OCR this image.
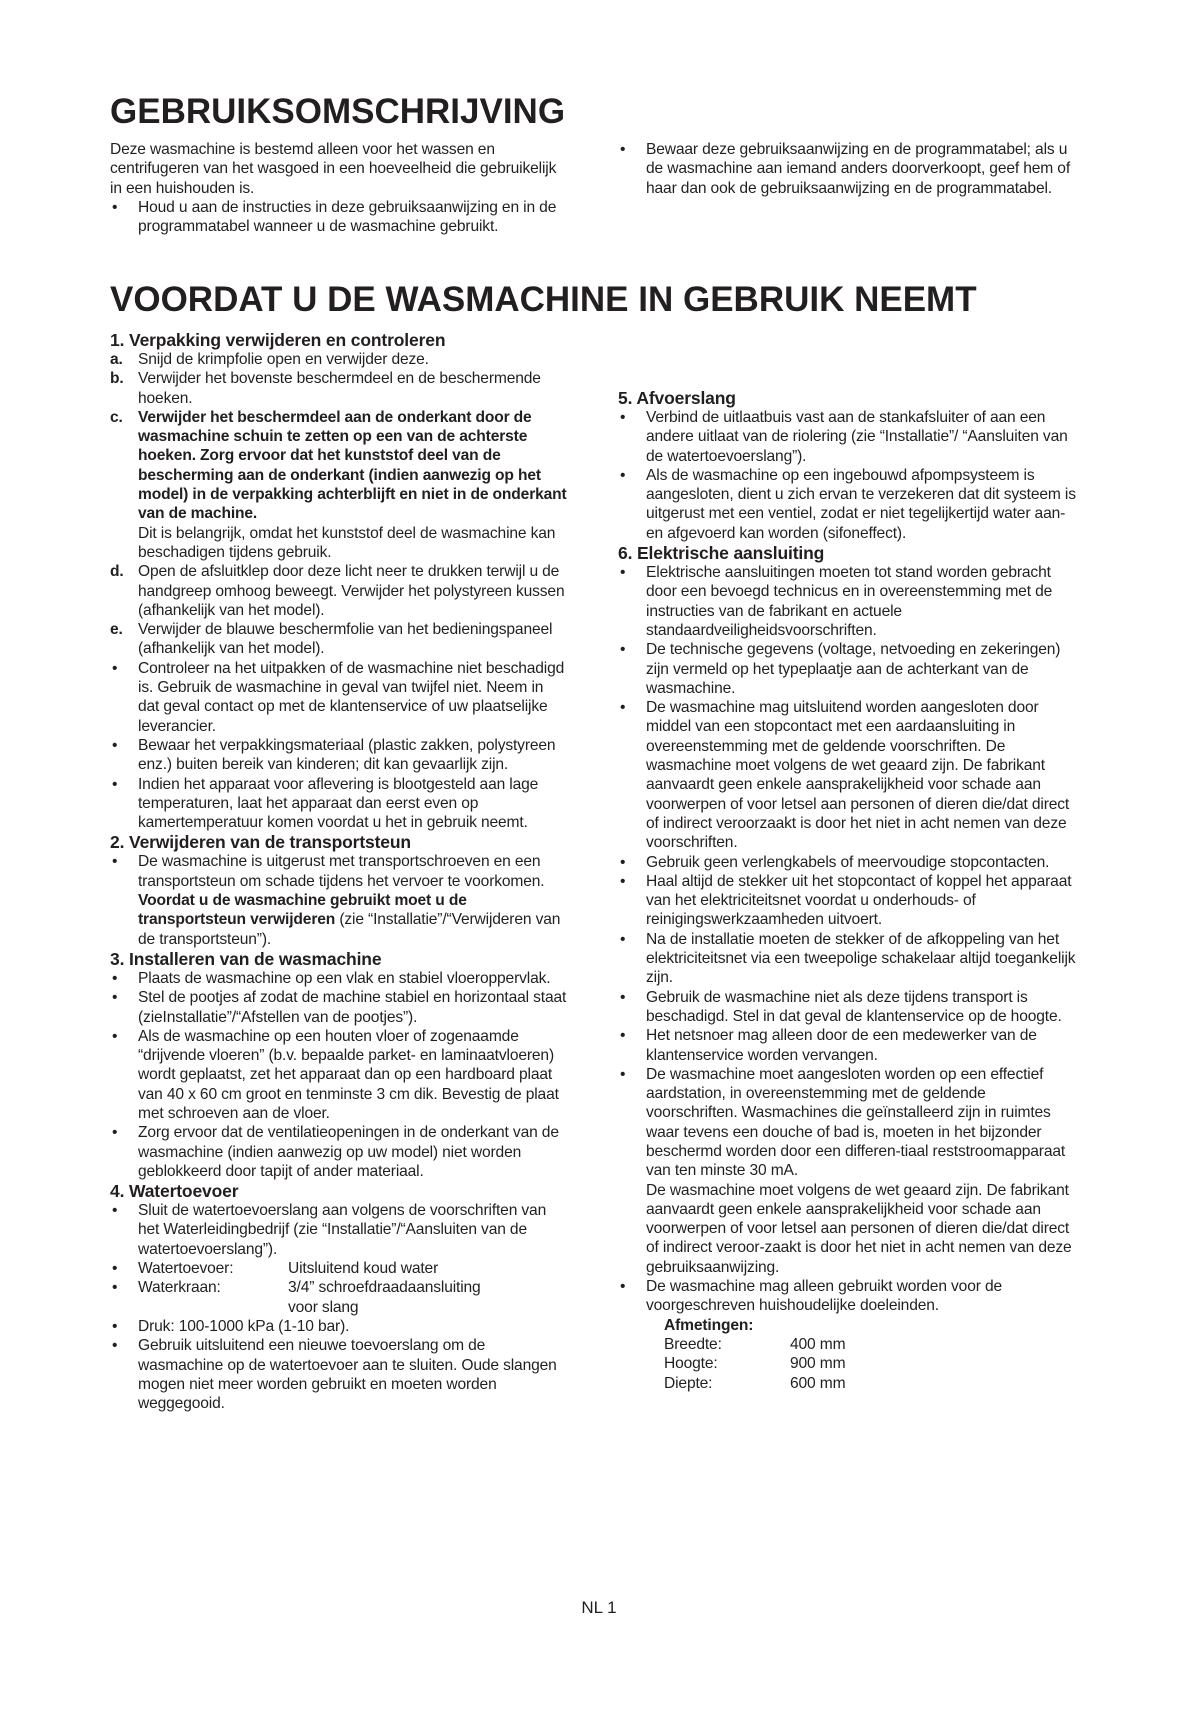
GEBRUIKSOMSCHRIJVING

Deze wasmachine is bestemd alleen voor het wassen en centrifugeren van het wasgoed in een hoeveelheid die gebruikelijk in een huishouden is.

• Houd u aan de instructies in deze gebruiksaanwijzing en in de programmatabel wanneer u de wasmachine gebruikt.

• Bewaar deze gebruiksaanwijzing en de programmatabel; als u de wasmachine aan iemand anders doorverkoopt, geef hem of haar dan ook de gebruiksaanwijzing en de programmatabel.

VOORDAT U DE WASMACHINE IN GEBRUIK NEEMT
1. Verpakking verwijderen en controleren

a. Snijd de krimpfolie open en verwijder deze.

b. Verwijder het bovenste beschermdeel en de beschermende hoeken.

c. Verwijder het beschermdeel aan de onderkant door de wasmachine schuin te zetten op een van de achterste hoeken. Zorg ervoor dat het kunststof deel van de bescherming aan de onderkant (indien aanwezig op het model) in de verpakking achterblijft en niet in de onderkant van de machine.

Dit is belangrijk, omdat het kunststof deel de wasmachine kan beschadigen tijdens gebruik.

d. Open de afsluitklep door deze licht neer te drukken terwijl u de handgreep omhoog beweegt. Verwijder het polystyreen kussen (afhankelijk van het model).

e. Verwijder de blauwe beschermfolie van het bedieningspaneel (afhankelijk van het model).

• Controleer na het uitpakken of de wasmachine niet beschadigd is. Gebruik de wasmachine in geval van twijfel niet. Neem in dat geval contact op met de klantenservice of uw plaatselijke leverancier.

• Bewaar het verpakkingsmateriaal (plastic zakken, polystyreen enz.) buiten bereik van kinderen; dit kan gevaarlijk zijn.

• Indien het apparaat voor aflevering is blootgesteld aan lage temperaturen, laat het apparaat dan eerst even op kamertemperatuur komen voordat u het in gebruik neemt.

2. Verwijderen van de transportsteun

• De wasmachine is uitgerust met transportschroeven en een transportsteun om schade tijdens het vervoer te voorkomen. Voordat u de wasmachine gebruikt moet u de transportsteun verwijderen (zie “Installatie”/“Verwijderen van de transportsteun”).

3. Installeren van de wasmachine

• Plaats de wasmachine op een vlak en stabiel vloeroppervlak.

• Stel de pootjes af zodat de machine stabiel en horizontaal staat (zieInstallatie”/“Afstellen van de pootjes”).

• Als de wasmachine op een houten vloer of zogenaamde “drijvende vloeren” (b.v. bepaalde parket- en laminaatvloeren) wordt geplaatst, zet het apparaat dan op een hardboard plaat van 40 x 60 cm groot en tenminste 3 cm dik. Bevestig de plaat met schroeven aan de vloer.

• Zorg ervoor dat de ventilatieopeningen in de onderkant van de wasmachine (indien aanwezig op uw model) niet worden geblokkeerd door tapijt of ander materiaal.

4. Watertoevoer

• Sluit de watertoevoerslang aan volgens de voorschriften van het Waterleidingbedrijf (zie “Installatie”/“Aansluiten van de watertoevoerslang”).

• Watertoevoer:	Uitsluitend koud water

• Waterkraan:	3/4” schroefdraadaansluiting voor slang

• Druk: 100-1000 kPa (1-10 bar).

• Gebruik uitsluitend een nieuwe toevoerslang om de wasmachine op de watertoevoer aan te sluiten. Oude slangen mogen niet meer worden gebruikt en moeten worden weggegooid.

5. Afvoerslang

• Verbind de uitlaatbuis vast aan de stankafsluiter of aan een andere uitlaat van de riolering (zie “Installatie”/ “Aansluiten van de watertoevoerslang”).

• Als de wasmachine op een ingebouwd afpompsysteem is aangesloten, dient u zich ervan te verzekeren dat dit systeem is uitgerust met een ventiel, zodat er niet tegelijkertijd water aan- en afgevoerd kan worden (sifoneffect).

6. Elektrische aansluiting

• Elektrische aansluitingen moeten tot stand worden gebracht door een bevoegd technicus en in overeenstemming met de instructies van de fabrikant en actuele standaardveiligheidsvoorschriften.

• De technische gegevens (voltage, netvoeding en zekeringen) zijn vermeld op het typeplaatje aan de achterkant van de wasmachine.

• De wasmachine mag uitsluitend worden aangesloten door middel van een stopcontact met een aardaansluiting in overeenstemming met de geldende voorschriften. De wasmachine moet volgens de wet geaard zijn. De fabrikant aanvaardt geen enkele aansprakelijkheid voor schade aan voorwerpen of voor letsel aan personen of dieren die/dat direct of indirect veroorzaakt is door het niet in acht nemen van deze voorschriften.

• Gebruik geen verlengkabels of meervoudige stopcontacten.

• Haal altijd de stekker uit het stopcontact of koppel het apparaat van het elektriciteitsnet voordat u onderhouds- of reinigingswerkzaamheden uitvoert.

• Na de installatie moeten de stekker of de afkoppeling van het elektriciteitsnet via een tweepolige schakelaar altijd toegankelijk zijn.

• Gebruik de wasmachine niet als deze tijdens transport is beschadigd. Stel in dat geval de klantenservice op de hoogte.

• Het netsnoer mag alleen door de een medewerker van de klantenservice worden vervangen.

• De wasmachine moet aangesloten worden op een effectief aardstation, in overeenstemming met de geldende voorschriften. Wasmachines die geïnstalleerd zijn in ruimtes waar tevens een douche of bad is, moeten in het bijzonder beschermd worden door een differen-tiaal reststroomapparaat van ten minste 30 mA.

De wasmachine moet volgens de wet geaard zijn. De fabrikant aanvaardt geen enkele aansprakelijkheid voor schade aan voorwerpen of voor letsel aan personen of dieren die/dat direct of indirect veroor-zaakt is door het niet in acht nemen van deze gebruiksaanwijzing.

• De wasmachine mag alleen gebruikt worden voor de voorgeschreven huishoudelijke doeleinden.

Afmetingen:
Breedte:	400 mm
Hoogte:	900 mm
Diepte:	600 mm
NL 1
